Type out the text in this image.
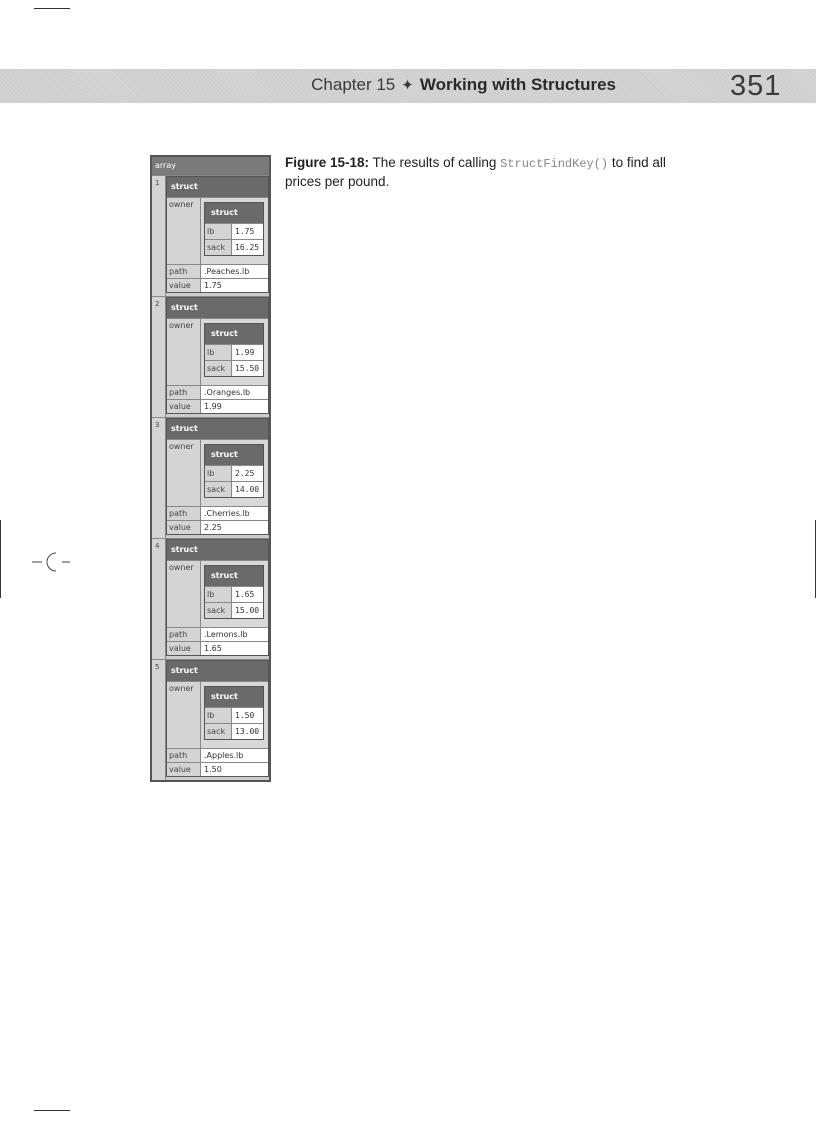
Chapter 15 ✦ Working with Structures	351
Figure 15-18: The results of calling StructFindKey() to find all prices per pound.
array
1	struct
owner
struct
lb	1.75
sack	16.25
path	.Peaches.lb
value	1.75
2	struct
owner
struct
lb	1.99
sack	15.50
path	.Oranges.lb
value	1.99
3	struct
owner
struct
lb	2.25
sack	14.00
path	.Cherries.lb
value	2.25
4	struct
owner
struct
lb	1.65
sack	15.00
path	.Lemons.lb
value	1.65
5	struct
owner
struct
lb	1.50
sack	13.00
path	.Apples.lb
value	1.50
